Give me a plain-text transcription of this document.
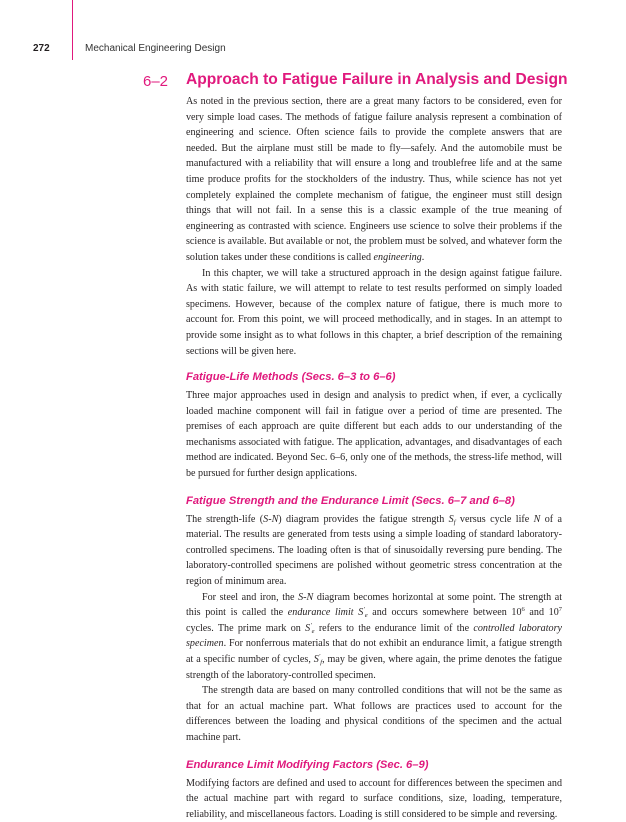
272	Mechanical Engineering Design
6–2 Approach to Fatigue Failure in Analysis and Design

As noted in the previous section, there are a great many factors to be considered, even for very simple load cases. The methods of fatigue failure analysis represent a combination of engineering and science. Often science fails to provide the complete answers that are needed. But the airplane must still be made to fly—safely. And the automobile must be manufactured with a reliability that will ensure a long and troublefree life and at the same time produce profits for the stockholders of the industry. Thus, while science has not yet completely explained the complete mechanism of fatigue, the engineer must still design things that will not fail. In a sense this is a classic example of the true meaning of engineering as contrasted with science. Engineers use science to solve their problems if the science is available. But available or not, the problem must be solved, and whatever form the solution takes under these conditions is called engineering.

In this chapter, we will take a structured approach in the design against fatigue failure. As with static failure, we will attempt to relate to test results performed on simply loaded specimens. However, because of the complex nature of fatigue, there is much more to account for. From this point, we will proceed methodically, and in stages. In an attempt to provide some insight as to what follows in this chapter, a brief description of the remaining sections will be given here.

Fatigue-Life Methods (Secs. 6–3 to 6–6)

Three major approaches used in design and analysis to predict when, if ever, a cyclically loaded machine component will fail in fatigue over a period of time are presented. The premises of each approach are quite different but each adds to our understanding of the mechanisms associated with fatigue. The application, advantages, and disadvantages of each method are indicated. Beyond Sec. 6–6, only one of the methods, the stress-life method, will be pursued for further design applications.

Fatigue Strength and the Endurance Limit (Secs. 6–7 and 6–8)

The strength-life (S-N) diagram provides the fatigue strength $S_f$ versus cycle life N of a material. The results are generated from tests using a simple loading of standard laboratory-controlled specimens. The loading often is that of sinusoidally reversing pure bending. The laboratory-controlled specimens are polished without geometric stress concentration at the region of minimum area.

For steel and iron, the S-N diagram becomes horizontal at some point. The strength at this point is called the endurance limit $S'_e$ and occurs somewhere between $10^6$ and $10^7$ cycles. The prime mark on $S'_e$ refers to the endurance limit of the controlled laboratory specimen. For nonferrous materials that do not exhibit an endurance limit, a fatigue strength at a specific number of cycles, $S'_f$, may be given, where again, the prime denotes the fatigue strength of the laboratory-controlled specimen.

The strength data are based on many controlled conditions that will not be the same as that for an actual machine part. What follows are practices used to account for the differences between the loading and physical conditions of the specimen and the actual machine part.

Endurance Limit Modifying Factors (Sec. 6–9)

Modifying factors are defined and used to account for differences between the specimen and the actual machine part with regard to surface conditions, size, loading, temperature, reliability, and miscellaneous factors. Loading is still considered to be simple and reversing.
